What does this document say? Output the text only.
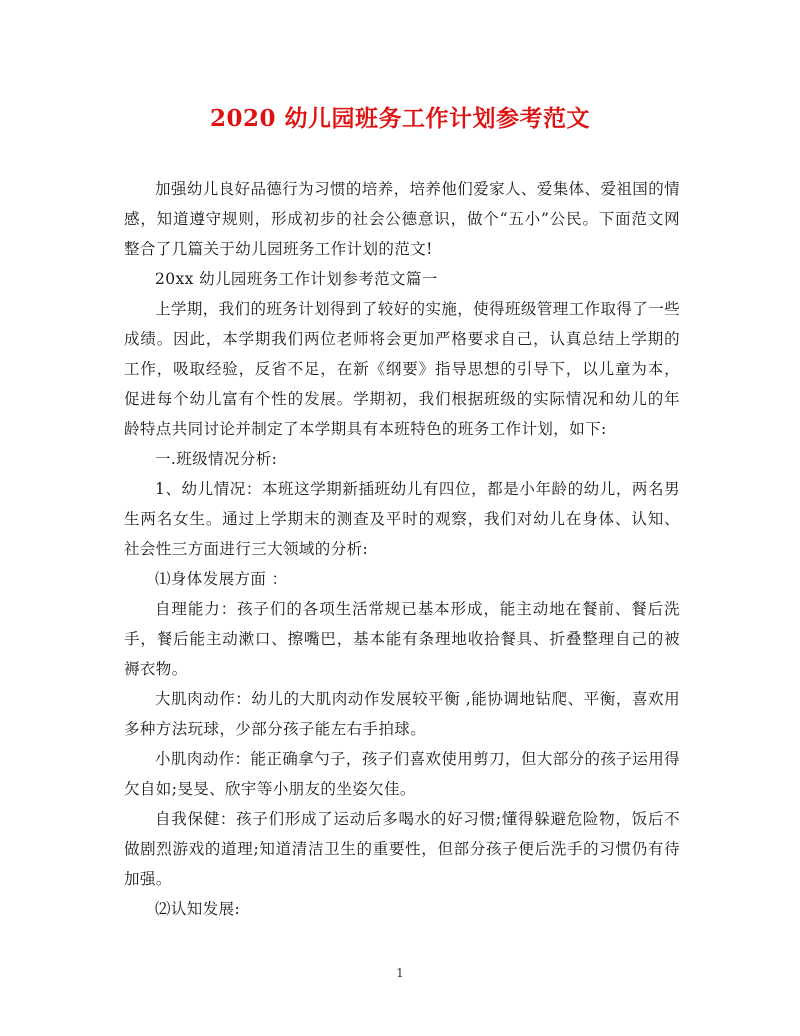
2020 幼儿园班务工作计划参考范文

加强幼儿良好品德行为习惯的培养，培养他们爱家人、爱集体、爱祖国的情感，知道遵守规则，形成初步的社会公德意识，做个“五小”公民。下面范文网整合了几篇关于幼儿园班务工作计划的范文!

20xx 幼儿园班务工作计划参考范文篇一

上学期，我们的班务计划得到了较好的实施，使得班级管理工作取得了一些成绩。因此，本学期我们两位老师将会更加严格要求自己，认真总结上学期的工作，吸取经验，反省不足，在新《纲要》指导思想的引导下，以儿童为本，促进每个幼儿富有个性的发展。学期初，我们根据班级的实际情况和幼儿的年龄特点共同讨论并制定了本学期具有本班特色的班务工作计划，如下:

一.班级情况分析:

1、幼儿情况：本班这学期新插班幼儿有四位，都是小年龄的幼儿，两名男生两名女生。通过上学期末的测查及平时的观察，我们对幼儿在身体、认知、社会性三方面进行三大领域的分析:

⑴身体发展方面 ：

自理能力：孩子们的各项生活常规已基本形成，能主动地在餐前、餐后洗手，餐后能主动漱口、擦嘴巴，基本能有条理地收拾餐具、折叠整理自己的被褥衣物。

大肌肉动作：幼儿的大肌肉动作发展较平衡 ,能协调地钻爬、平衡，喜欢用多种方法玩球，少部分孩子能左右手拍球。

小肌肉动作：能正确拿勺子，孩子们喜欢使用剪刀，但大部分的孩子运用得欠自如;旻旻、欣宇等小朋友的坐姿欠佳。

自我保健：孩子们形成了运动后多喝水的好习惯;懂得躲避危险物，饭后不做剧烈游戏的道理;知道清洁卫生的重要性，但部分孩子便后洗手的习惯仍有待加强。

⑵认知发展:

1
